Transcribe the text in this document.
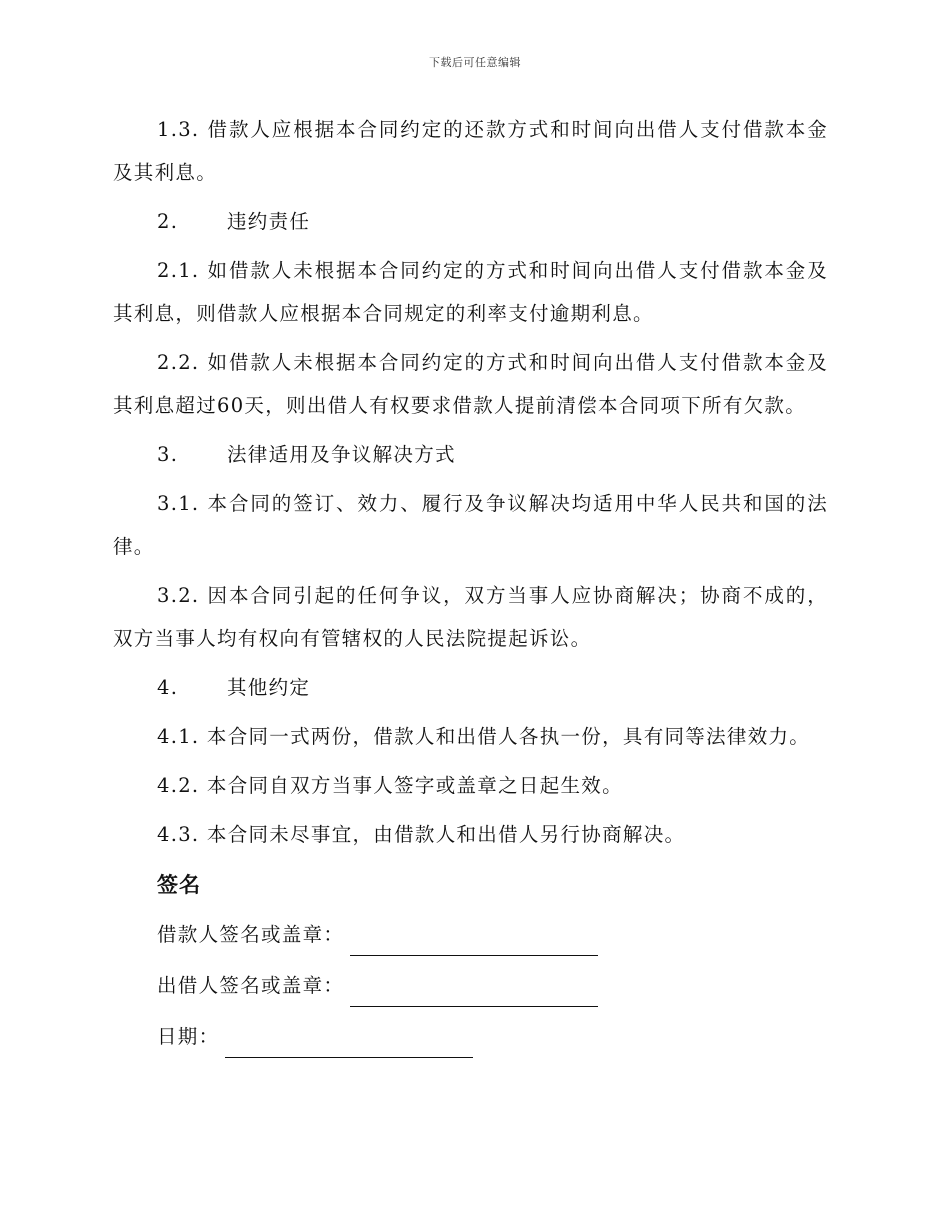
下载后可任意编辑

1.3. 借款人应根据本合同约定的还款方式和时间向出借人支付借款本金及其利息。

2.	违约责任

2.1. 如借款人未根据本合同约定的方式和时间向出借人支付借款本金及其利息，则借款人应根据本合同规定的利率支付逾期利息。

2.2. 如借款人未根据本合同约定的方式和时间向出借人支付借款本金及其利息超过60天，则出借人有权要求借款人提前清偿本合同项下所有欠款。

3.	法律适用及争议解决方式

3.1. 本合同的签订、效力、履行及争议解决均适用中华人民共和国的法律。

3.2. 因本合同引起的任何争议，双方当事人应协商解决；协商不成的，双方当事人均有权向有管辖权的人民法院提起诉讼。

4.	其他约定

4.1. 本合同一式两份，借款人和出借人各执一份，具有同等法律效力。

4.2. 本合同自双方当事人签字或盖章之日起生效。

4.3. 本合同未尽事宜，由借款人和出借人另行协商解决。

签名
借款人签名或盖章：
出借人签名或盖章：
日期：
